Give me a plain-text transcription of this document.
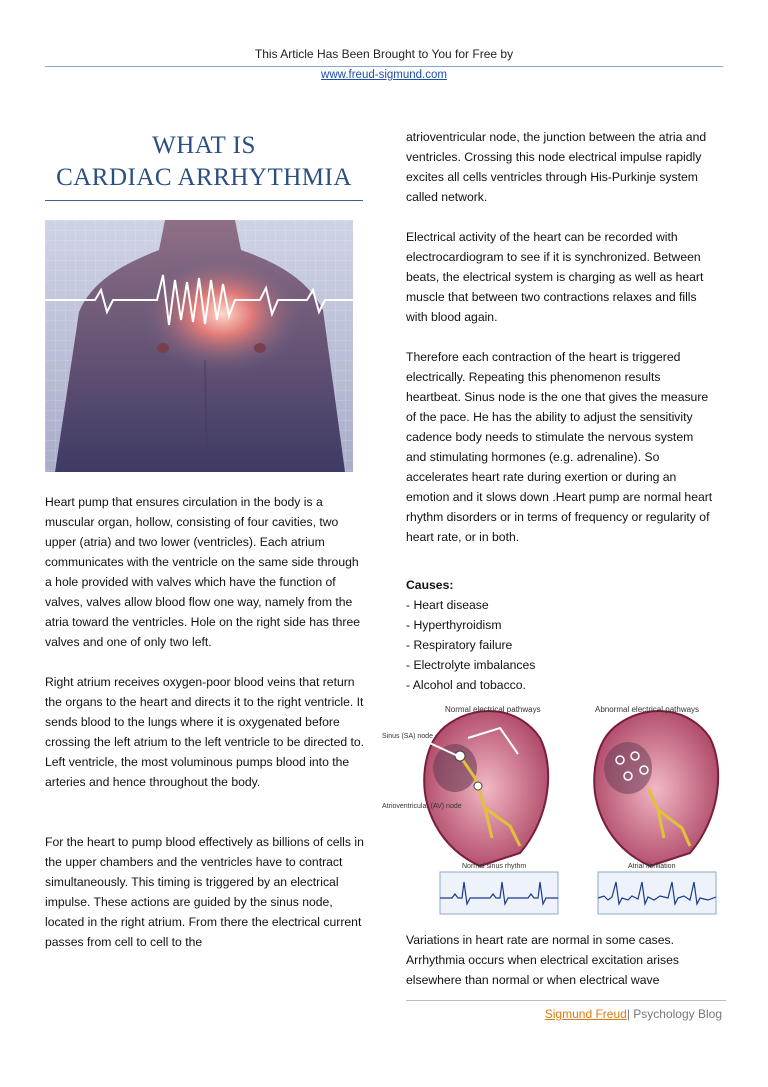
This Article Has Been Brought to You for Free by
www.freud-sigmund.com
WHAT IS
CARDIAC ARRHYTHMIA

Heart pump that ensures circulation in the body is a muscular organ, hollow, consisting of four cavities, two upper (atria) and two lower (ventricles). Each atrium communicates with the ventricle on the same side through a hole provided with valves which have the function of valves, valves allow blood flow one way, namely from the atria toward the ventricles. Hole on the right side has three valves and one of only two left.

Right atrium receives oxygen-poor blood veins that return the organs to the heart and directs it to the right ventricle. It sends blood to the lungs where it is oxygenated before crossing the left atrium to the left ventricle to be directed to. Left ventricle, the most voluminous pumps blood into the arteries and hence throughout the body.

For the heart to pump blood effectively as billions of cells in the upper chambers and the ventricles have to contract simultaneously. This timing is triggered by an electrical impulse. These actions are guided by the sinus node, located in the right atrium. From there the electrical current passes from cell to cell to the

atrioventricular node, the junction between the atria and ventricles. Crossing this node electrical impulse rapidly excites all cells ventricles through His-Purkinje system called network.

Electrical activity of the heart can be recorded with electrocardiogram to see if it is synchronized. Between beats, the electrical system is charging as well as heart muscle that between two contractions relaxes and fills with blood again.

Therefore each contraction of the heart is triggered electrically. Repeating this phenomenon results heartbeat. Sinus node is the one that gives the measure of the pace. He has the ability to adjust the sensitivity cadence body needs to stimulate the nervous system and stimulating hormones (e.g. adrenaline). So accelerates heart rate during exertion or during an emotion and it slows down .Heart pump are normal heart rhythm disorders or in terms of frequency or regularity of heart rate, or in both.

Causes:
- Heart disease
- Hyperthyroidism
- Respiratory failure
- Electrolyte imbalances
- Alcohol and tobacco.
Normal electrical pathways
Sinus (SA) node
Atrioventricular (AV) node
Abnormal electrical pathways
Normal sinus rhythm	Atrial fibrillation

Variations in heart rate are normal in some cases. Arrhythmia occurs when electrical excitation arises elsewhere than normal or when electrical wave

Sigmund Freud| Psychology Blog
